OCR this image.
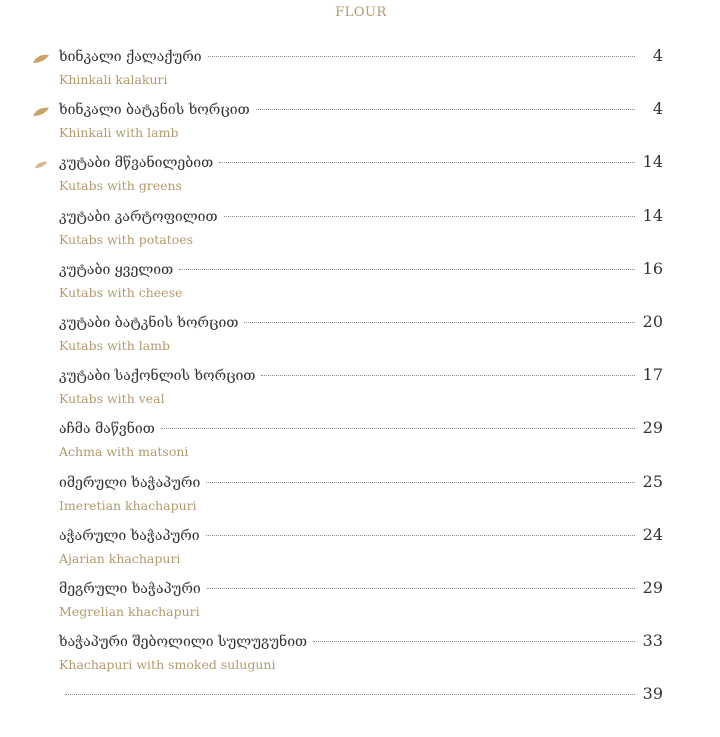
FLOUR
ხინკალი ქალაქური	4
Khinkali kalakuri
ხინკალი ბატკნის ხორცით	4
Khinkali with lamb
კუტაბი მწვანილებით	14
Kutabs with greens
კუტაბი კარტოფილით	14
Kutabs with potatoes
კუტაბი ყველით	16
Kutabs with cheese
კუტაბი ბატკნის ხორცით	20
Kutabs with lamb
კუტაბი საქონლის ხორცით	17
Kutabs with veal
აჩმა მაწვნით	29
Achma with matsoni
იმერული ხაჭაპური	25
Imeretian khachapuri
აჭარული ხაჭაპური	24
Ajarian khachapuri
მეგრული ხაჭაპური	29
Megrelian khachapuri
ხაჭაპური შებოლილი სულუგუნით	33
Khachapuri with smoked suluguni
39
